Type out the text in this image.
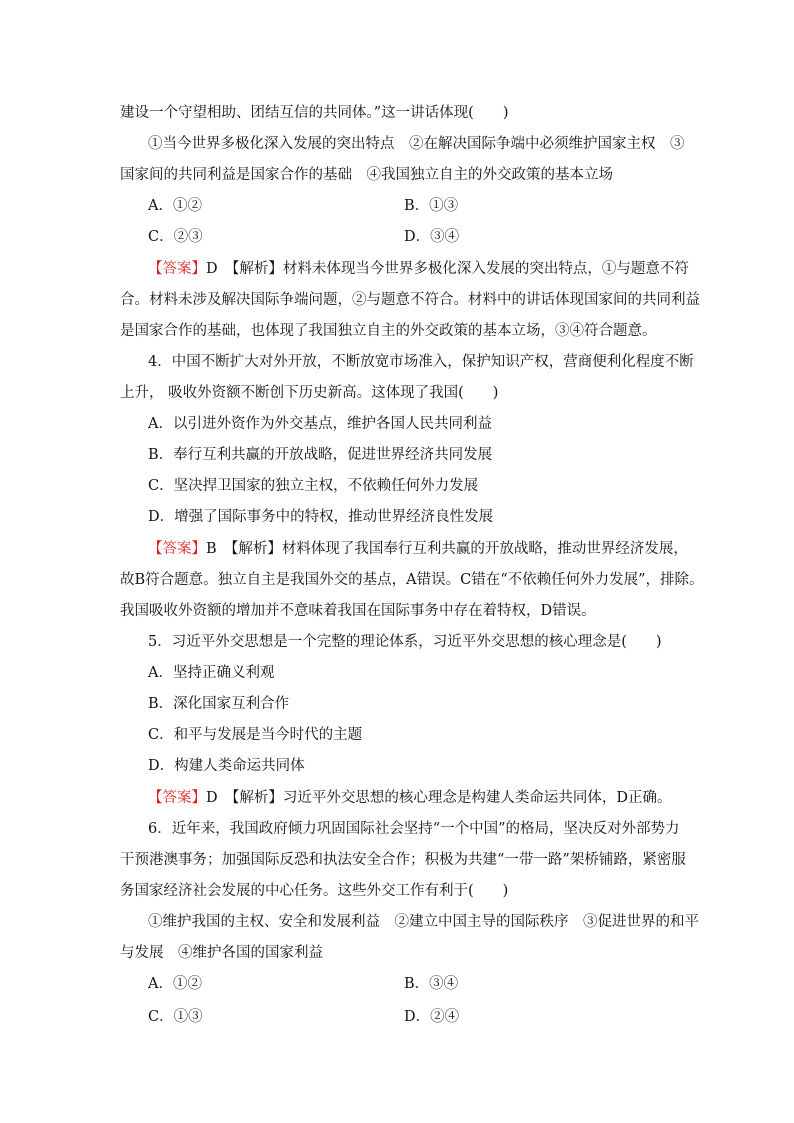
建设一个守望相助、团结互信的共同体。”这一讲话体现(　　)
①当今世界多极化深入发展的突出特点　②在解决国际争端中必须维护国家主权　③
国家间的共同利益是国家合作的基础　④我国独立自主的外交政策的基本立场
A．①②	B．①③
C．②③	D．③④
【答案】D　【解析】材料未体现当今世界多极化深入发展的突出特点，①与题意不符
合。材料未涉及解决国际争端问题，②与题意不符合。材料中的讲话体现国家间的共同利益
是国家合作的基础，也体现了我国独立自主的外交政策的基本立场，③④符合题意。
4．中国不断扩大对外开放，不断放宽市场准入，保护知识产权，营商便利化程度不断
上升， 吸收外资额不断创下历史新高。这体现了我国(　　)
A．以引进外资作为外交基点，维护各国人民共同利益
B．奉行互利共赢的开放战略，促进世界经济共同发展
C．坚决捍卫国家的独立主权，不依赖任何外力发展
D．增强了国际事务中的特权，推动世界经济良性发展
【答案】B　【解析】材料体现了我国奉行互利共赢的开放战略，推动世界经济发展，
故B符合题意。独立自主是我国外交的基点，A错误。C错在“不依赖任何外力发展”，排除。
我国吸收外资额的增加并不意味着我国在国际事务中存在着特权，D错误。
5．习近平外交思想是一个完整的理论体系，习近平外交思想的核心理念是(　　)
A．坚持正确义利观
B．深化国家互利合作
C．和平与发展是当今时代的主题
D．构建人类命运共同体
【答案】D　【解析】习近平外交思想的核心理念是构建人类命运共同体，D正确。
6．近年来，我国政府倾力巩固国际社会坚持“一个中国”的格局，坚决反对外部势力
干预港澳事务；加强国际反恐和执法安全合作；积极为共建“一带一路”架桥铺路，紧密服
务国家经济社会发展的中心任务。这些外交工作有利于(　　)
①维护我国的主权、安全和发展利益　②建立中国主导的国际秩序　③促进世界的和平
与发展　④维护各国的国家利益
A．①②	B．③④
C．①③	D．②④
